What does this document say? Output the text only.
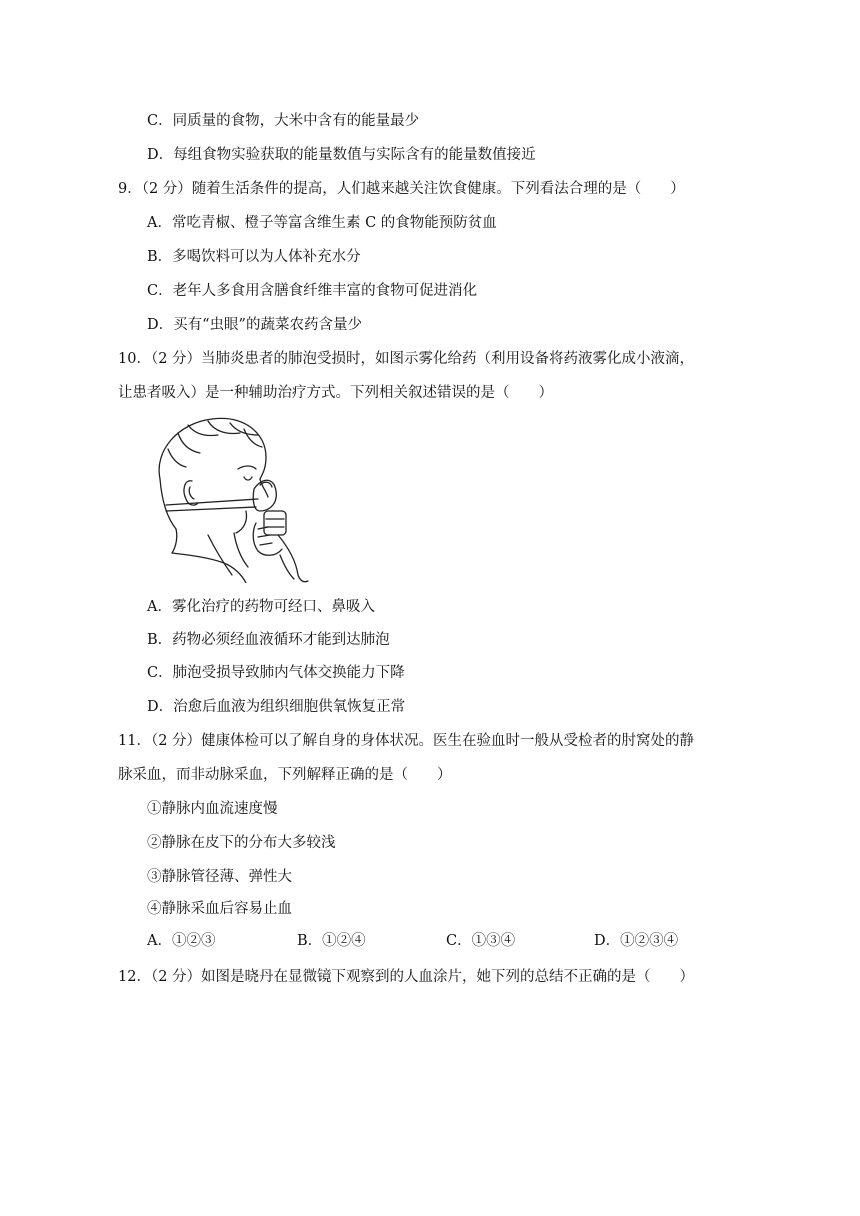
C．同质量的食物，大米中含有的能量最少
D．每组食物实验获取的能量数值与实际含有的能量数值接近
9．（2 分）随着生活条件的提高，人们越来越关注饮食健康。下列看法合理的是（　　）
A．常吃青椒、橙子等富含维生素 C 的食物能预防贫血
B．多喝饮料可以为人体补充水分
C．老年人多食用含膳食纤维丰富的食物可促进消化
D．买有“虫眼”的蔬菜农药含量少
10．（2 分）当肺炎患者的肺泡受损时，如图示雾化给药（利用设备将药液雾化成小液滴，
让患者吸入）是一种辅助治疗方式。下列相关叙述错误的是（　　）
A．雾化治疗的药物可经口、鼻吸入
B．药物必须经血液循环才能到达肺泡
C．肺泡受损导致肺内气体交换能力下降
D．治愈后血液为组织细胞供氧恢复正常
11．（2 分）健康体检可以了解自身的身体状况。医生在验血时一般从受检者的肘窝处的静
脉采血，而非动脉采血，下列解释正确的是（　　）
①静脉内血流速度慢
②静脉在皮下的分布大多较浅
③静脉管径薄、弹性大
④静脉采血后容易止血
A．①②③	B．①②④	C．①③④	D．①②③④
12．（2 分）如图是晓丹在显微镜下观察到的人血涂片，她下列的总结不正确的是（　　）
